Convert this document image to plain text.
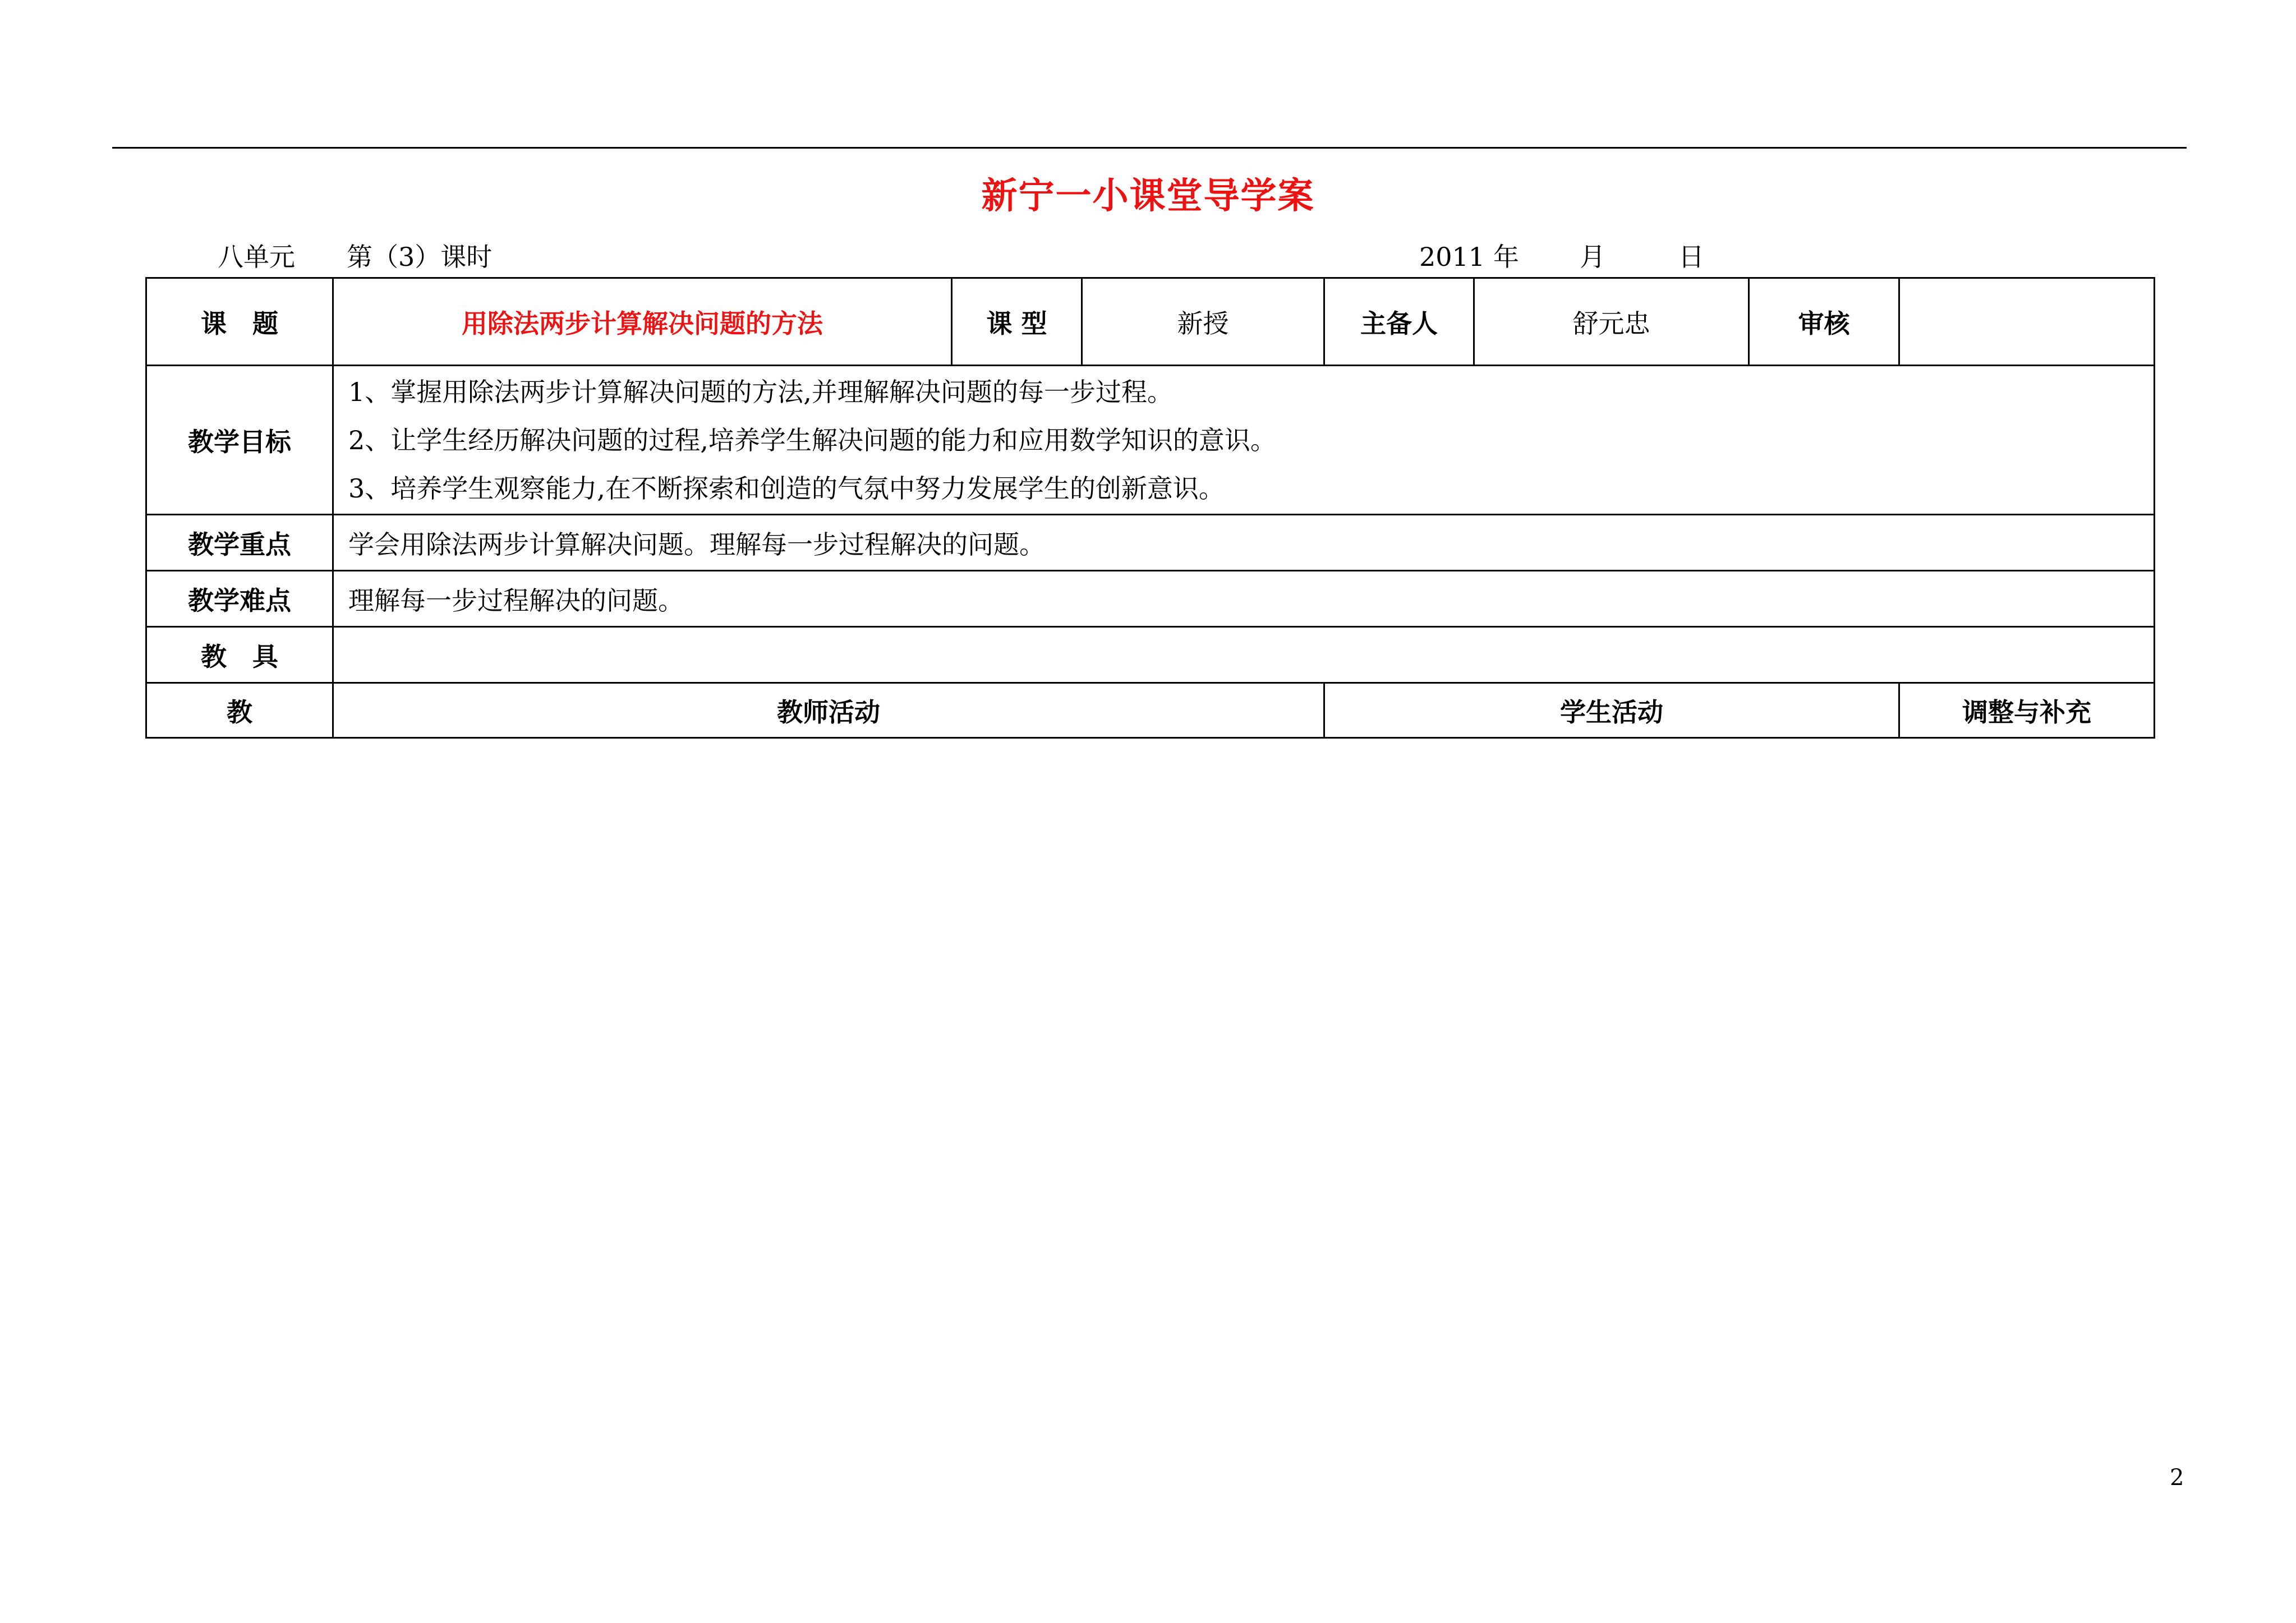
新宁一小课堂导学案
八单元 第（3）课时	2011 年 月	日
课　题	用除法两步计算解决问题的方法	课 型	新授	主备人	舒元忠	审核	
教学目标	1、掌握用除法两步计算解决问题的方法,并理解解决问题的每一步过程。
2、让学生经历解决问题的过程,培养学生解决问题的能力和应用数学知识的意识。
3、培养学生观察能力,在不断探索和创造的气氛中努力发展学生的创新意识。						

教学重点	学会用除法两步计算解决问题。理解每一步过程解决的问题。						
教学难点	理解每一步过程解决的问题。						
教　具							
教	教师活动			学生活动			调整与补充
2
